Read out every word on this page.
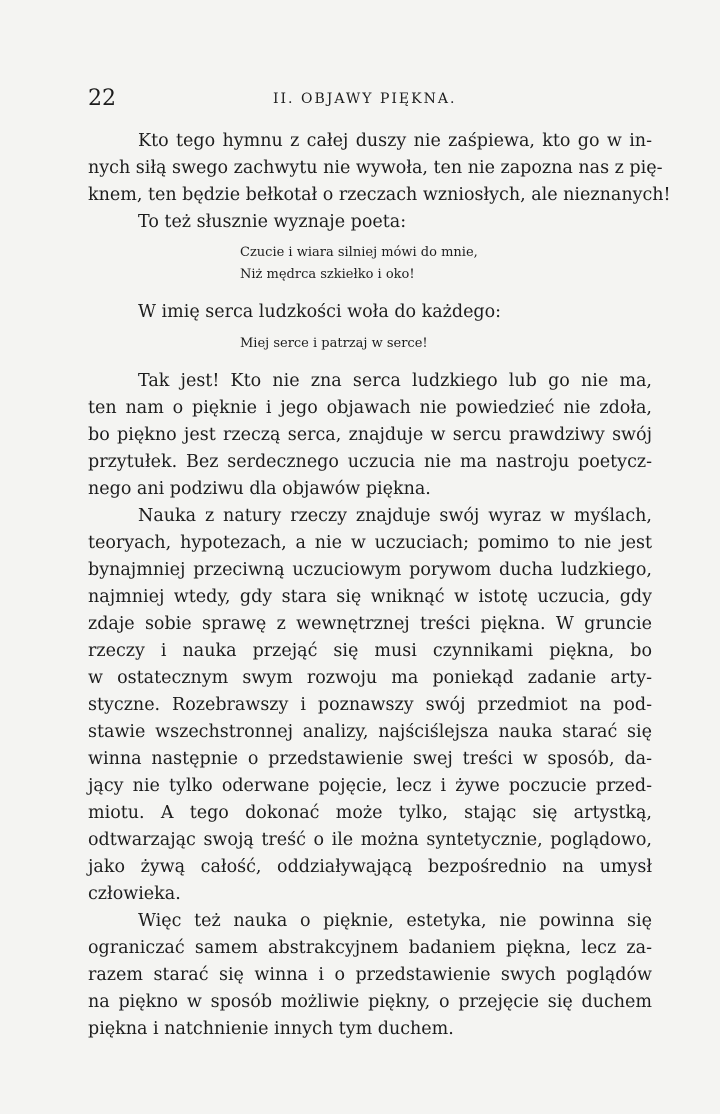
22	II. OBJAWY PIĘKNA.
Kto tego hymnu z całej duszy nie zaśpiewa, kto go w in-
nych siłą swego zachwytu nie wywoła, ten nie zapozna nas z pię-
knem, ten będzie bełkotał o rzeczach wzniosłych, ale nieznanych!
To też słusznie wyznaje poeta:
Czucie i wiara silniej mówi do mnie,
Niż mędrca szkiełko i oko!
W imię serca ludzkości woła do każdego:
Miej serce i patrzaj w serce!
Tak jest! Kto nie zna serca ludzkiego lub go nie ma,
ten nam o pięknie i jego objawach nie powiedzieć nie zdoła,
bo piękno jest rzeczą serca, znajduje w sercu prawdziwy swój
przytułek. Bez serdecznego uczucia nie ma nastroju poetycz-
nego ani podziwu dla objawów piękna.
Nauka z natury rzeczy znajduje swój wyraz w myślach,
teoryach, hypotezach, a nie w uczuciach; pomimo to nie jest
bynajmniej przeciwną uczuciowym porywom ducha ludzkiego,
najmniej wtedy, gdy stara się wniknąć w istotę uczucia, gdy
zdaje sobie sprawę z wewnętrznej treści piękna. W gruncie
rzeczy i nauka przejąć się musi czynnikami piękna, bo
w ostatecznym swym rozwoju ma poniekąd zadanie arty-
styczne. Rozebrawszy i poznawszy swój przedmiot na pod-
stawie wszechstronnej analizy, najściślejsza nauka starać się
winna następnie o przedstawienie swej treści w sposób, da-
jący nie tylko oderwane pojęcie, lecz i żywe poczucie przed-
miotu. A tego dokonać może tylko, stając się artystką,
odtwarzając swoją treść o ile można syntetycznie, poglądowo,
jako żywą całość, oddziaływającą bezpośrednio na umysł
człowieka.
Więc też nauka o pięknie, estetyka, nie powinna się
ograniczać samem abstrakcyjnem badaniem piękna, lecz za-
razem starać się winna i o przedstawienie swych poglądów
na piękno w sposób możliwie piękny, o przejęcie się duchem
piękna i natchnienie innych tym duchem.
